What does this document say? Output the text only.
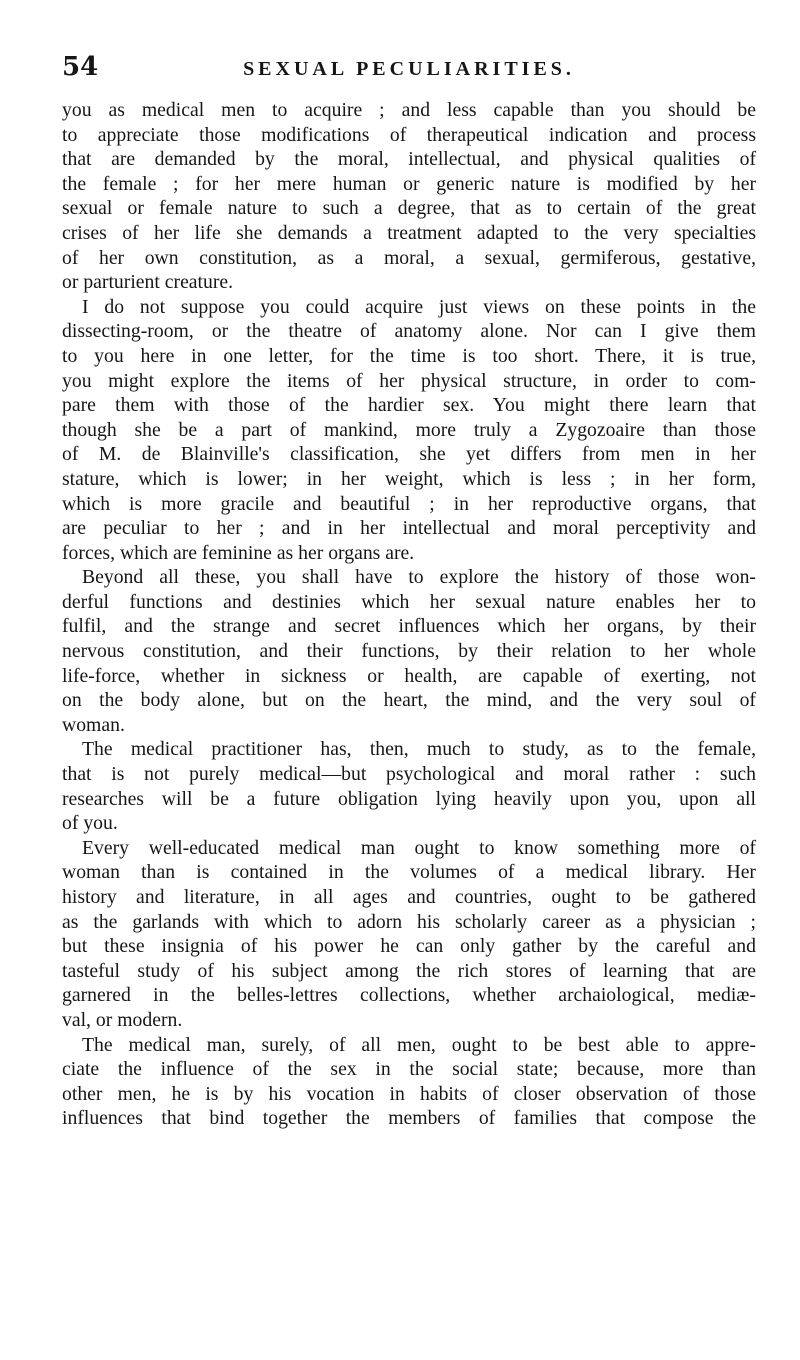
54	SEXUAL PECULIARITIES.
you as medical men to acquire ; and less capable than you should be
to appreciate those modifications of therapeutical indication and process
that are demanded by the moral, intellectual, and physical qualities of
the female ; for her mere human or generic nature is modified by her
sexual or female nature to such a degree, that as to certain of the great
crises of her life she demands a treatment adapted to the very specialties
of her own constitution, as a moral, a sexual, germiferous, gestative,
or parturient creature.
I do not suppose you could acquire just views on these points in the
dissecting-room, or the theatre of anatomy alone. Nor can I give them
to you here in one letter, for the time is too short. There, it is true,
you might explore the items of her physical structure, in order to com-
pare them with those of the hardier sex. You might there learn that
though she be a part of mankind, more truly a Zygozoaire than those
of M. de Blainville's classification, she yet differs from men in her
stature, which is lower; in her weight, which is less ; in her form,
which is more gracile and beautiful ; in her reproductive organs, that
are peculiar to her ; and in her intellectual and moral perceptivity and
forces, which are feminine as her organs are.
Beyond all these, you shall have to explore the history of those won-
derful functions and destinies which her sexual nature enables her to
fulfil, and the strange and secret influences which her organs, by their
nervous constitution, and their functions, by their relation to her whole
life-force, whether in sickness or health, are capable of exerting, not
on the body alone, but on the heart, the mind, and the very soul of
woman.
The medical practitioner has, then, much to study, as to the female,
that is not purely medical—but psychological and moral rather : such
researches will be a future obligation lying heavily upon you, upon all
of you.
Every well-educated medical man ought to know something more of
woman than is contained in the volumes of a medical library. Her
history and literature, in all ages and countries, ought to be gathered
as the garlands with which to adorn his scholarly career as a physician ;
but these insignia of his power he can only gather by the careful and
tasteful study of his subject among the rich stores of learning that are
garnered in the belles-lettres collections, whether archaiological, mediæ-
val, or modern.
The medical man, surely, of all men, ought to be best able to appre-
ciate the influence of the sex in the social state; because, more than
other men, he is by his vocation in habits of closer observation of those
influences that bind together the members of families that compose the
